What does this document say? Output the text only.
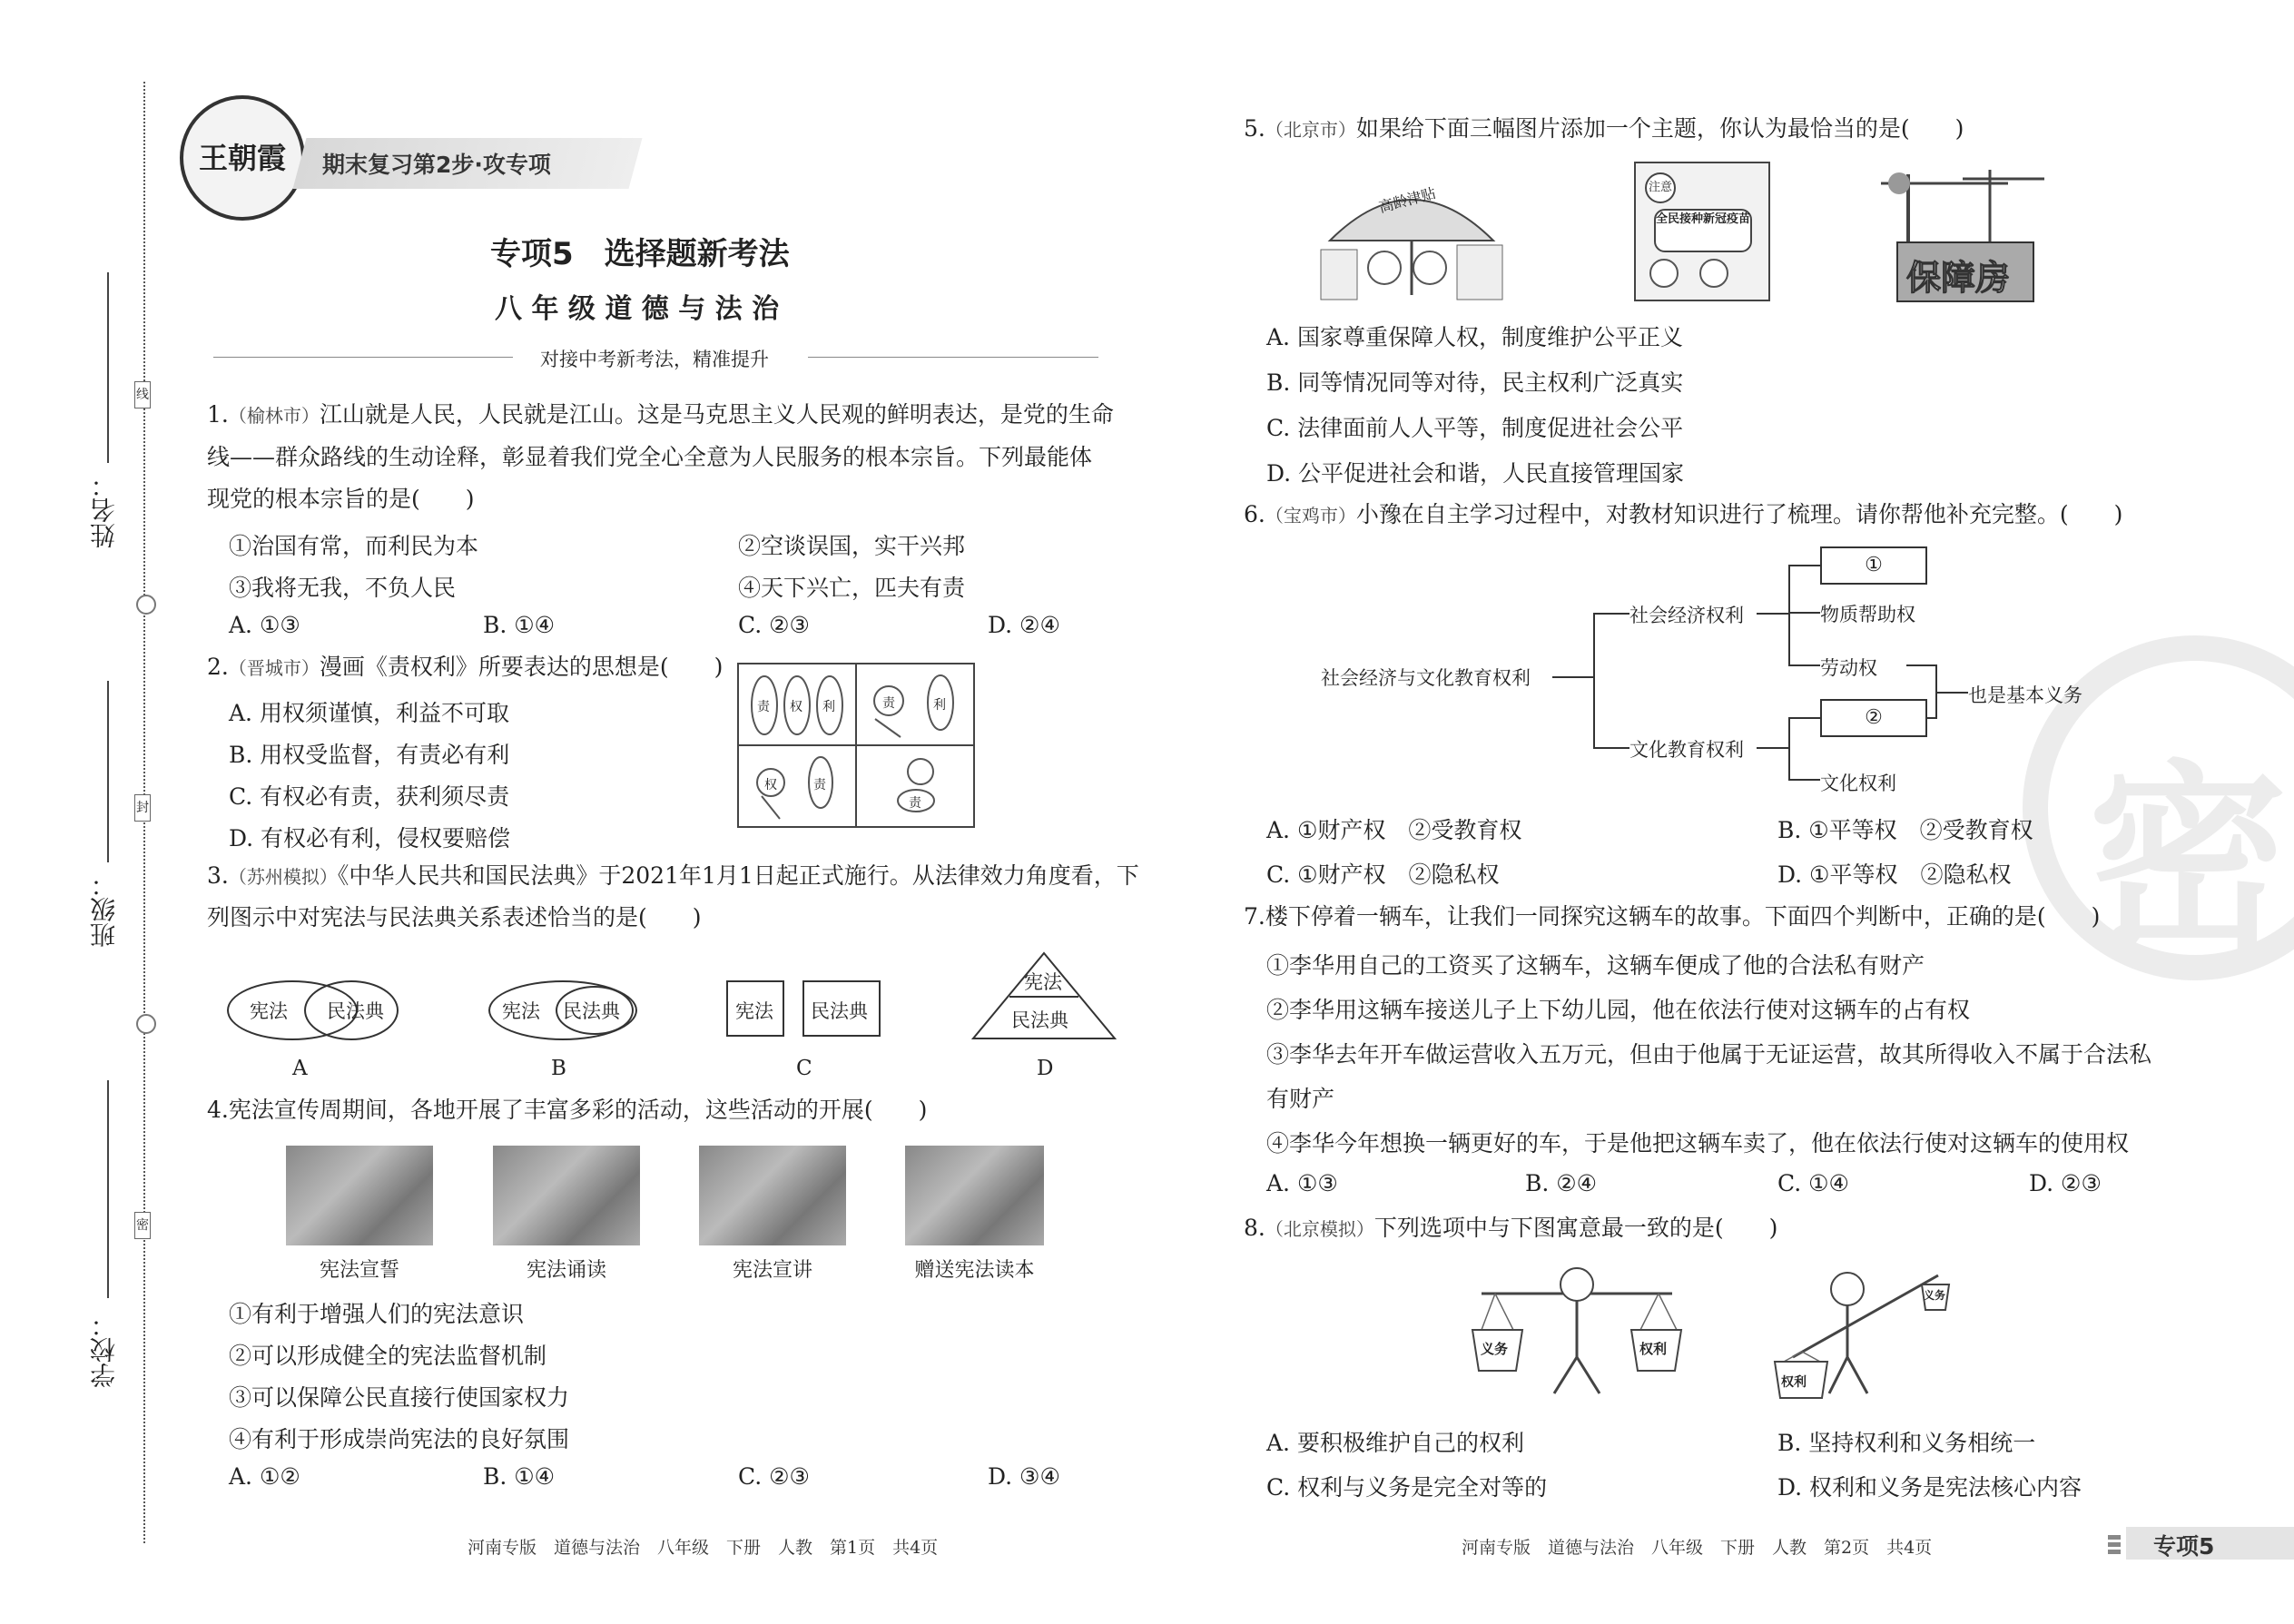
线
封
密
姓名：
班级：
学校：
王朝霞	期末复习第2步·攻专项
专项5　选择题新考法
八 年 级 道 德 与 法 治
对接中考新考法，精准提升
1.（榆林市）江山就是人民，人民就是江山。这是马克思主义人民观的鲜明表达，是党的生命
线——群众路线的生动诠释，彰显着我们党全心全意为人民服务的根本宗旨。下列最能体
现党的根本宗旨的是(　　)
①治国有常，而利民为本	②空谈误国，实干兴邦
③我将无我，不负人民	④天下兴亡，匹夫有责
A. ①③	B. ①④	C. ②③	D. ②④
2.（晋城市）漫画《责权利》所要表达的思想是(　　)
A. 用权须谨慎，利益不可取
B. 用权受监督，有责必有利
C. 有权必有责，获利须尽责
D. 有权必有利，侵权要赔偿
责 权 利	责	利
权	责
责
3.（苏州模拟）《中华人民共和国民法典》于2021年1月1日起正式施行。从法律效力角度看，下
列图示中对宪法与民法典关系表述恰当的是(　　)
宪法 民法典
A
宪法 民法典
B
宪法 民法典
C
宪法
民法典
D
4.宪法宣传周期间，各地开展了丰富多彩的活动，这些活动的开展(　　)
宪法宣誓	宪法诵读	宪法宣讲	赠送宪法读本
①有利于增强人们的宪法意识
②可以形成健全的宪法监督机制
③可以保障公民直接行使国家权力
④有利于形成崇尚宪法的良好氛围
A. ①②	B. ①④	C. ②③	D. ③④
河南专版　道德与法治　八年级　下册　人教　第1页　共4页
密
5.（北京市）如果给下面三幅图片添加一个主题，你认为最恰当的是(　　)
高龄津贴	注意
全民接种新冠疫苗
保障房
A. 国家尊重保障人权，制度维护公平正义
B. 同等情况同等对待，民主权利广泛真实
C. 法律面前人人平等，制度促进社会公平
D. 公平促进社会和谐，人民直接管理国家
6.（宝鸡市）小豫在自主学习过程中，对教材知识进行了梳理。请你帮他补充完整。(　　)
社会经济与文化教育权利
社会经济权利
文化教育权利
①
物质帮助权
劳动权
②
文化权利
也是基本义务
A. ①财产权　②受教育权	B. ①平等权　②受教育权
C. ①财产权　②隐私权	D. ①平等权　②隐私权
7.楼下停着一辆车，让我们一同探究这辆车的故事。下面四个判断中，正确的是(　　)
①李华用自己的工资买了这辆车，这辆车便成了他的合法私有财产
②李华用这辆车接送儿子上下幼儿园，他在依法行使对这辆车的占有权
③李华去年开车做运营收入五万元，但由于他属于无证运营，故其所得收入不属于合法私
有财产
④李华今年想换一辆更好的车，于是他把这辆车卖了，他在依法行使对这辆车的使用权
A. ①③	B. ②④	C. ①④	D. ②③
8.（北京模拟）下列选项中与下图寓意最一致的是(　　)
义务	权利
权利
义务
A. 要积极维护自己的权利	B. 坚持权利和义务相统一
C. 权利与义务是完全对等的	D. 权利和义务是宪法核心内容
河南专版　道德与法治　八年级　下册　人教　第2页　共4页	专项5
